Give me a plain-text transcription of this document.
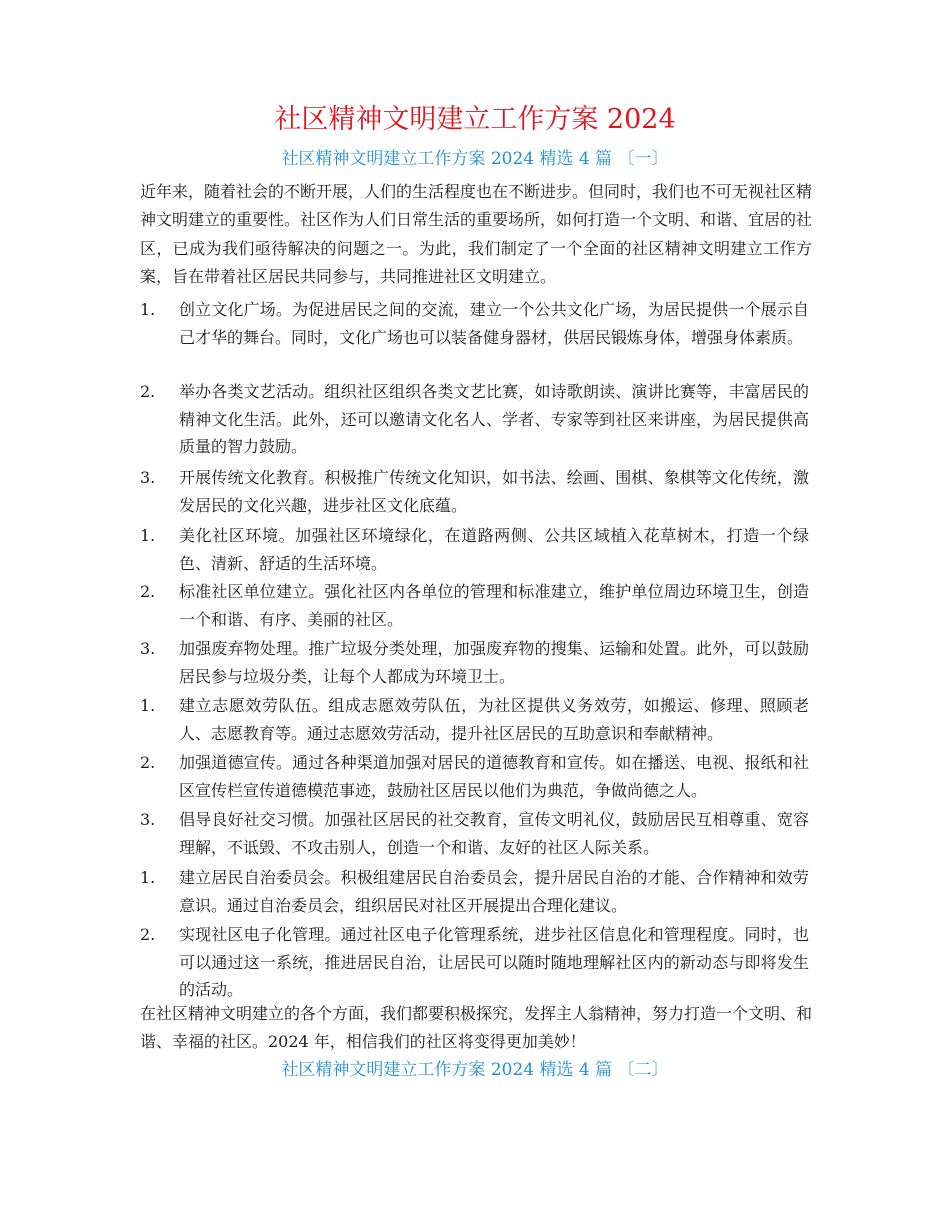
社区精神文明建立工作方案 2024
社区精神文明建立工作方案 2024 精选 4 篇 〔一〕
近年来，随着社会的不断开展，人们的生活程度也在不断进步。但同时，我们也不可无视社区精神文明建立的重要性。社区作为人们日常生活的重要场所，如何打造一个文明、和谐、宜居的社区，已成为我们亟待解决的问题之一。为此，我们制定了一个全面的社区精神文明建立工作方案，旨在带着社区居民共同参与，共同推进社区文明建立。
1.	创立文化广场。为促进居民之间的交流，建立一个公共文化广场，为居民提供一个展示自己才华的舞台。同时，文化广场也可以装备健身器材，供居民锻炼身体，增强身体素质。
2.	举办各类文艺活动。组织社区组织各类文艺比赛，如诗歌朗读、演讲比赛等，丰富居民的精神文化生活。此外，还可以邀请文化名人、学者、专家等到社区来讲座，为居民提供高质量的智力鼓励。
3.	开展传统文化教育。积极推广传统文化知识，如书法、绘画、围棋、象棋等文化传统，激发居民的文化兴趣，进步社区文化底蕴。
1.	美化社区环境。加强社区环境绿化，在道路两侧、公共区域植入花草树木，打造一个绿色、清新、舒适的生活环境。
2.	标准社区单位建立。强化社区内各单位的管理和标准建立，维护单位周边环境卫生，创造一个和谐、有序、美丽的社区。
3.	加强废弃物处理。推广垃圾分类处理，加强废弃物的搜集、运输和处置。此外，可以鼓励居民参与垃圾分类，让每个人都成为环境卫士。
1.	建立志愿效劳队伍。组成志愿效劳队伍，为社区提供义务效劳，如搬运、修理、照顾老人、志愿教育等。通过志愿效劳活动，提升社区居民的互助意识和奉献精神。
2.	加强道德宣传。通过各种渠道加强对居民的道德教育和宣传。如在播送、电视、报纸和社区宣传栏宣传道德模范事迹，鼓励社区居民以他们为典范，争做尚德之人。
3.	倡导良好社交习惯。加强社区居民的社交教育，宣传文明礼仪，鼓励居民互相尊重、宽容理解，不诋毁、不攻击别人，创造一个和谐、友好的社区人际关系。
1.	建立居民自治委员会。积极组建居民自治委员会，提升居民自治的才能、合作精神和效劳意识。通过自治委员会，组织居民对社区开展提出合理化建议。
2.	实现社区电子化管理。通过社区电子化管理系统，进步社区信息化和管理程度。同时，也可以通过这一系统，推进居民自治，让居民可以随时随地理解社区内的新动态与即将发生的活动。
在社区精神文明建立的各个方面，我们都要积极探究，发挥主人翁精神，努力打造一个文明、和谐、幸福的社区。2024 年，相信我们的社区将变得更加美妙！
社区精神文明建立工作方案 2024 精选 4 篇 〔二〕
